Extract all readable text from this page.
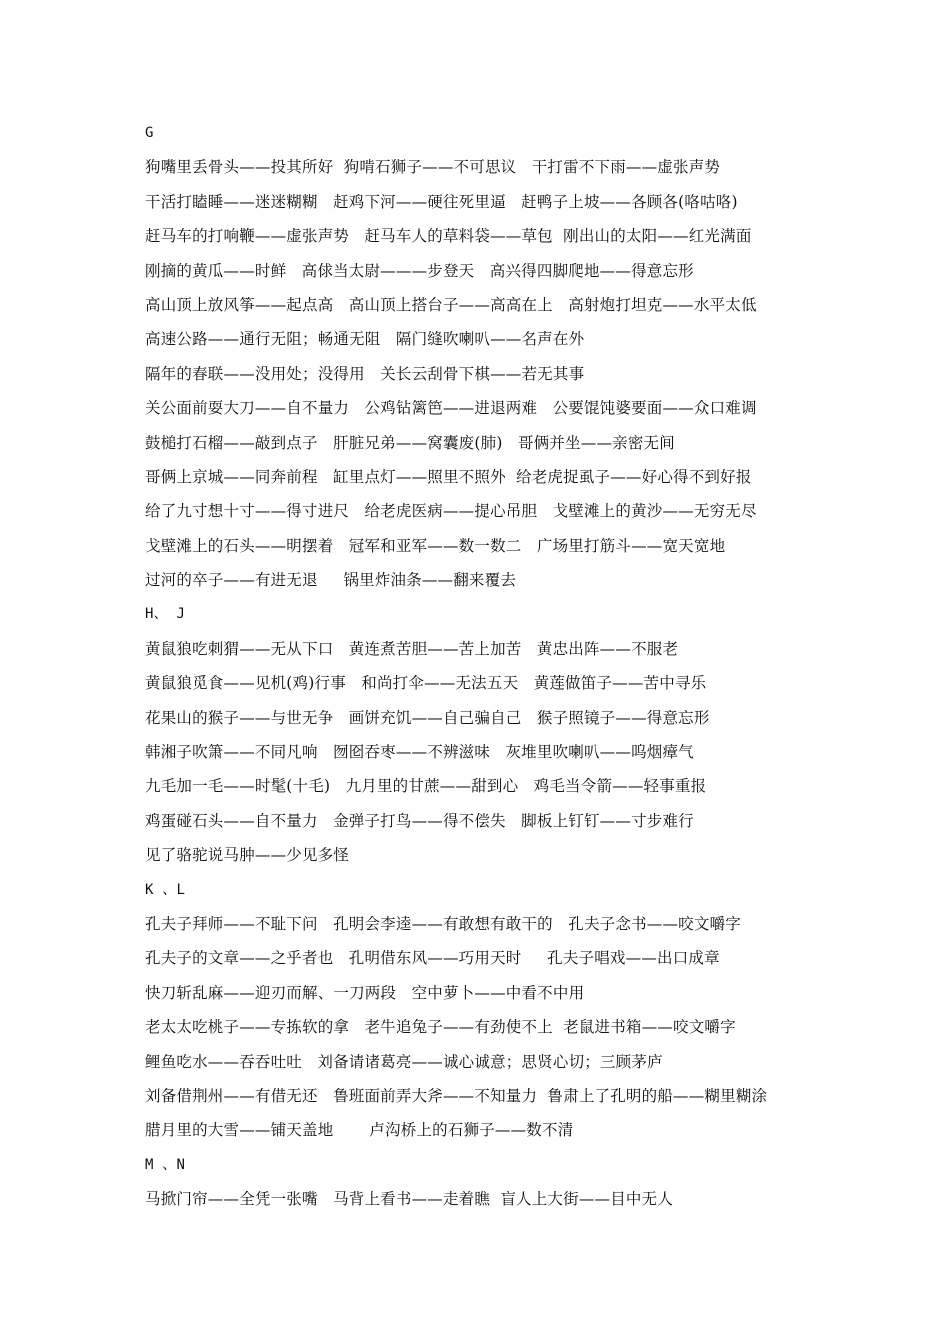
G
狗嘴里丢骨头——投其所好  狗啃石狮子——不可思议   干打雷不下雨——虚张声势
干活打瞌睡——迷迷糊糊   赶鸡下河——硬往死里逼   赶鸭子上坡——各顾各(咯咕咯)
赶马车的打响鞭——虚张声势   赶马车人的草料袋——草包  刚出山的太阳——红光满面
刚摘的黄瓜——时鲜   高俅当太尉———步登天   高兴得四脚爬地——得意忘形
高山顶上放风筝——起点高   高山顶上搭台子——高高在上   高射炮打坦克——水平太低
高速公路——通行无阻；畅通无阻   隔门缝吹喇叭——名声在外
隔年的春联——没用处；没得用   关长云刮骨下棋——若无其事
关公面前耍大刀——自不量力   公鸡钻篱笆——进退两难   公要馄饨婆要面——众口难调
鼓槌打石榴——敲到点子   肝脏兄弟——窝囊废(肺)   哥俩并坐——亲密无间
哥俩上京城——同奔前程   缸里点灯——照里不照外  给老虎捉虱子——好心得不到好报
给了九寸想十寸——得寸进尺   给老虎医病——提心吊胆   戈壁滩上的黄沙——无穷无尽
戈壁滩上的石头——明摆着   冠军和亚军——数一数二   广场里打筋斗——宽天宽地
过河的卒子——有进无退     锅里炸油条——翻来覆去
H、 J
黄鼠狼吃刺猬——无从下口   黄连煮苦胆——苦上加苦   黄忠出阵——不服老
黄鼠狼觅食——见机(鸡)行事   和尚打伞——无法五天   黄莲做笛子——苦中寻乐
花果山的猴子——与世无争   画饼充饥——自己骗自己   猴子照镜子——得意忘形
韩湘子吹箫——不同凡响   囫囵吞枣——不辨滋味   灰堆里吹喇叭——呜烟瘴气
九毛加一毛——时髦(十毛)   九月里的甘蔗——甜到心   鸡毛当令箭——轻事重报
鸡蛋碰石头——自不量力   金弹子打鸟——得不偿失   脚板上钉钉——寸步难行
见了骆驼说马肿——少见多怪
K 、L
孔夫子拜师——不耻下问   孔明会李逵——有敢想有敢干的   孔夫子念书——咬文嚼字
孔夫子的文章——之乎者也   孔明借东风——巧用天时     孔夫子唱戏——出口成章
快刀斩乱麻——迎刃而解、一刀两段   空中萝卜——中看不中用
老太太吃桃子——专拣软的拿   老牛追兔子——有劲使不上  老鼠进书箱——咬文嚼字
鲤鱼吃水——吞吞吐吐   刘备请诸葛亮——诚心诚意；思贤心切；三顾茅庐
刘备借荆州——有借无还   鲁班面前弄大斧——不知量力  鲁肃上了孔明的船——糊里糊涂
腊月里的大雪——铺天盖地       卢沟桥上的石狮子——数不清
M 、N
马掀门帘——全凭一张嘴   马背上看书——走着瞧  盲人上大街——目中无人
